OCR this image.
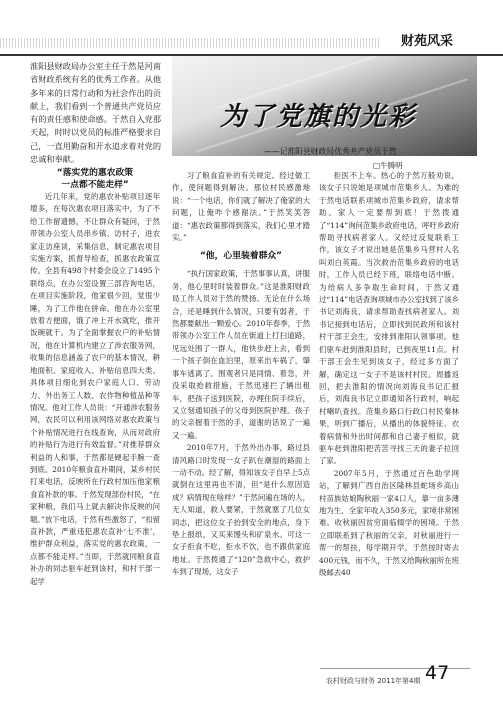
财苑风采
淮阳县财政局办公室主任于然是河南省财政系统有名的优秀工作者。从他多年来的日常行动和为社会作出的贡献上，我们看到一个普通共产党员应有的责任感和使命感。于然自入党那天起，时时以党员的标准严格要求自己，一直用勤奋和开水追求着对党的忠诚和奉献。
为了党旗的光彩
——记淮阳县财政局优秀共产党员于然
□牛腾明
“落实党的惠农政策
一点都不能走样”

近几年来，党的惠农补贴项目逐年增多，在每次惠农项目落实中，为了不给工作留遗憾，不让群众有疑问，于然带领办公室人员串乡镇、访村子，进农家走访座谈，采集信息，制定惠农项目实施方案，抓督导检查，抓惠农政策宣传。全县有498个村委会设立了1495个联络点，在办公室设置三部咨询电话，在项目实施阶段，他家很少回，觉很少睡，为了工作他在拼命。他在办公室里放着方便面，饿了冲上开水就吃，推开饭碗就干。为了全面掌握农户的补贴情况，他在计算机内建立了涉农服务网，收集的信息涵盖了农户的基本情况，耕地面积、家庭收入、补贴信息四大类。具体项目细化到农户家庭人口、劳动力、外出务工人数、农作物种植品种等情况。他对工作人员说：“开通涉农服务网，农民可以利用该网络对惠农政策与个补贴情况进行在线查询，从而对政府的补贴行为进行有效监督。”对推荐群众利益的人和事，于然都是硬起手腕一查到底。2010年粮食直补期间，某乡村民打来电话，反映所在行政村加压他家粮食直补款的事。于然发现部份村民，“在家种粮，我们马上就去解决你反映的问题。”放下电话，于然有些激怒了，“扣留直补款，严重违犯惠农直补‘七不准’，维护群众利益，落实党的惠农政策，一点都不能走样。”当即，于然就同粮食直补办的同志驱车赶到该村，和村干部一起学

习了粮食直补的有关规定。经过做工作，使问题得到解决。那位村民感激地说：“一个电话，你们就了解决了俺家的大问题，让俺咋个感谢法。”于然笑笑答道：“惠农政策都得到落实，我们心里才踏实。”

“他，心里装着群众”

“执行国家政策，于然事事认真，讲服务，他心里时时装着群众。”这是淮阳财政局工作人员对于然的赞扬。无论在什么场合，还是睡到什么情况，只要有弱者，于然都要献出一颗爱心。2010年春季，于然带领办公室工作人员在街道上打扫道路，见远处围了一群人，他快步赶上去，看到一个孩子倒在血泊里，原来出车祸了，肇事车逃离了。围观者只是同情、着急，并没采取抢救措施，于然迅速拦了辆出租车，把孩子送到医院，办理住院手续后，又立刻通知孩子的父母到医院护理。孩子的父亲握着于然的手，道谢的话说了一遍又一遍。

2010年7月，于然外出办事，路过县清风路口时发现一女子趴在潮湿的路面上一动不动。经了解，得知该女子自早上5点就倒在这里再也不清，但“是什么原因造成？病情现在啥样？”于然问遍在场的人，无人知道，救人要紧，于然就塞了几位女同志，把这位女子抬到安全的地点，身下垫上报纸，又买来馒头和矿泉水。可这一女子拒食不吃，拒水不饮，也不跟供家庭地址。于然拨通了“120”急救中心，救护车到了现场，这女子

拒医不上车。热心的于然万般劝说，该女子只说她是项城市范集乡人。为难的于然电话联系项城市范集乡政府，请求帮助。家人一定要帮到底！于然拨通了“114”询问范集乡政府电话，呼吁乡政府帮助寻找病者家人。又经过反复联系工作，该女子才说出她是范集乡马营村人名叫刘白英霞。当次救治范集乡政府的电话时，工作人员已经下班，联络电话中断。为给病人多争取生命时间，于然又通过“114”电话查询项城市办公室找到了该乡书记刘海良，请求帮助查找病者家人。刘书记接到电话后，立即找到民政所和该村村干部王会生，安排到准阳认领事项。他们驱车赶到淮阳县时，已到夜里11点。村干部王会生见到该女子，经过多方面了解，确定这一女子不是该村村民。周播返回，把去淮阳的情况向刘海良书记汇报后，刘海良书记立即通知各行政村，响起村喇叭查找。范集乡路口行政口村民秦林果，听到广播后，从播出的体貌特征、衣着病情和外出时间都和自己妻子相似，就驱车赶到淮阳把苦苦寻找三天的妻子拉回了家。

2007年5月，于然通过百色助学网站，了解到广西自治区隆林县蛇场乡高山村苗族姑娘陶秋丽一家4口人，靠一亩多薄地为生，全家年收入350多元，家境非常困难。收秋丽因贫穷面临辍学的困境。于然立即联系到了秋丽的父亲，对秋丽进行一帮一的帮扶，每学期开学，于然按时寄去400元钱，而不久，于然又给陶秋丽所在班级邮去40

农村财政与财务 2011年第4期 47
